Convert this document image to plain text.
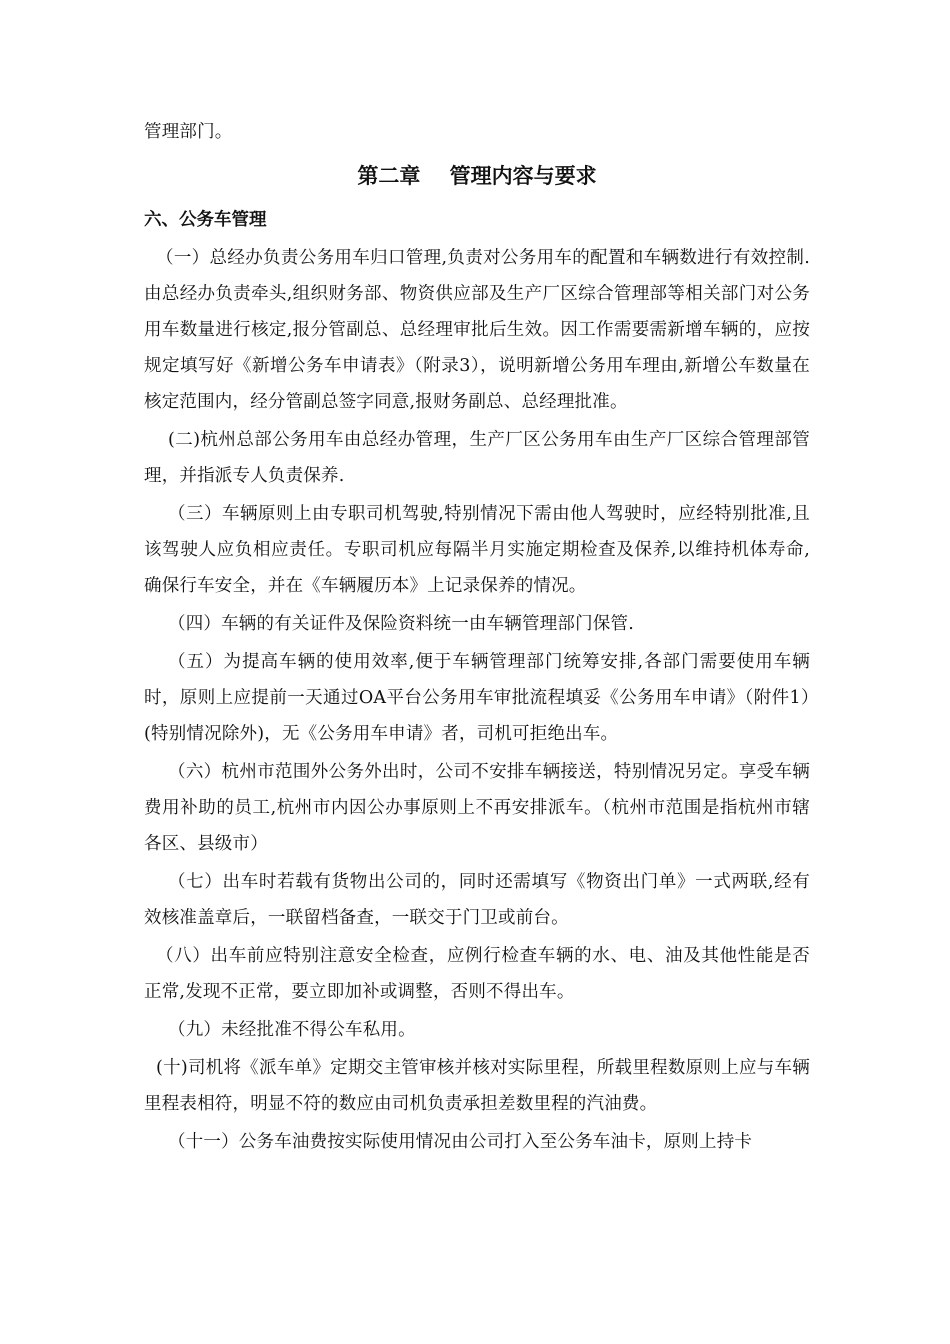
管理部门。

第二章    管理内容与要求
六、公务车管理

（一）总经办负责公务用车归口管理,负责对公务用车的配置和车辆数进行有效控制.由总经办负责牵头,组织财务部、物资供应部及生产厂区综合管理部等相关部门对公务用车数量进行核定,报分管副总、总经理审批后生效。因工作需要需新增车辆的，应按规定填写好《新增公务车申请表》（附录3），说明新增公务用车理由,新增公车数量在核定范围内，经分管副总签字同意,报财务副总、总经理批准。

(二)杭州总部公务用车由总经办管理，生产厂区公务用车由生产厂区综合管理部管理，并指派专人负责保养.

（三）车辆原则上由专职司机驾驶,特别情况下需由他人驾驶时，应经特别批准,且该驾驶人应负相应责任。专职司机应每隔半月实施定期检查及保养,以维持机体寿命,确保行车安全，并在《车辆履历本》上记录保养的情况。

（四）车辆的有关证件及保险资料统一由车辆管理部门保管.

（五）为提高车辆的使用效率,便于车辆管理部门统筹安排,各部门需要使用车辆时，原则上应提前一天通过OA平台公务用车审批流程填妥《公务用车申请》（附件1）(特别情况除外)，无《公务用车申请》者，司机可拒绝出车。

（六）杭州市范围外公务外出时，公司不安排车辆接送，特别情况另定。享受车辆费用补助的员工,杭州市内因公办事原则上不再安排派车。（杭州市范围是指杭州市辖各区、县级市）

（七）出车时若载有货物出公司的，同时还需填写《物资出门单》一式两联,经有效核准盖章后，一联留档备查，一联交于门卫或前台。

（八）出车前应特别注意安全检查，应例行检查车辆的水、电、油及其他性能是否正常,发现不正常，要立即加补或调整，否则不得出车。

（九）未经批准不得公车私用。

(十)司机将《派车单》定期交主管审核并核对实际里程，所载里程数原则上应与车辆里程表相符，明显不符的数应由司机负责承担差数里程的汽油费。

（十一）公务车油费按实际使用情况由公司打入至公务车油卡，原则上持卡
